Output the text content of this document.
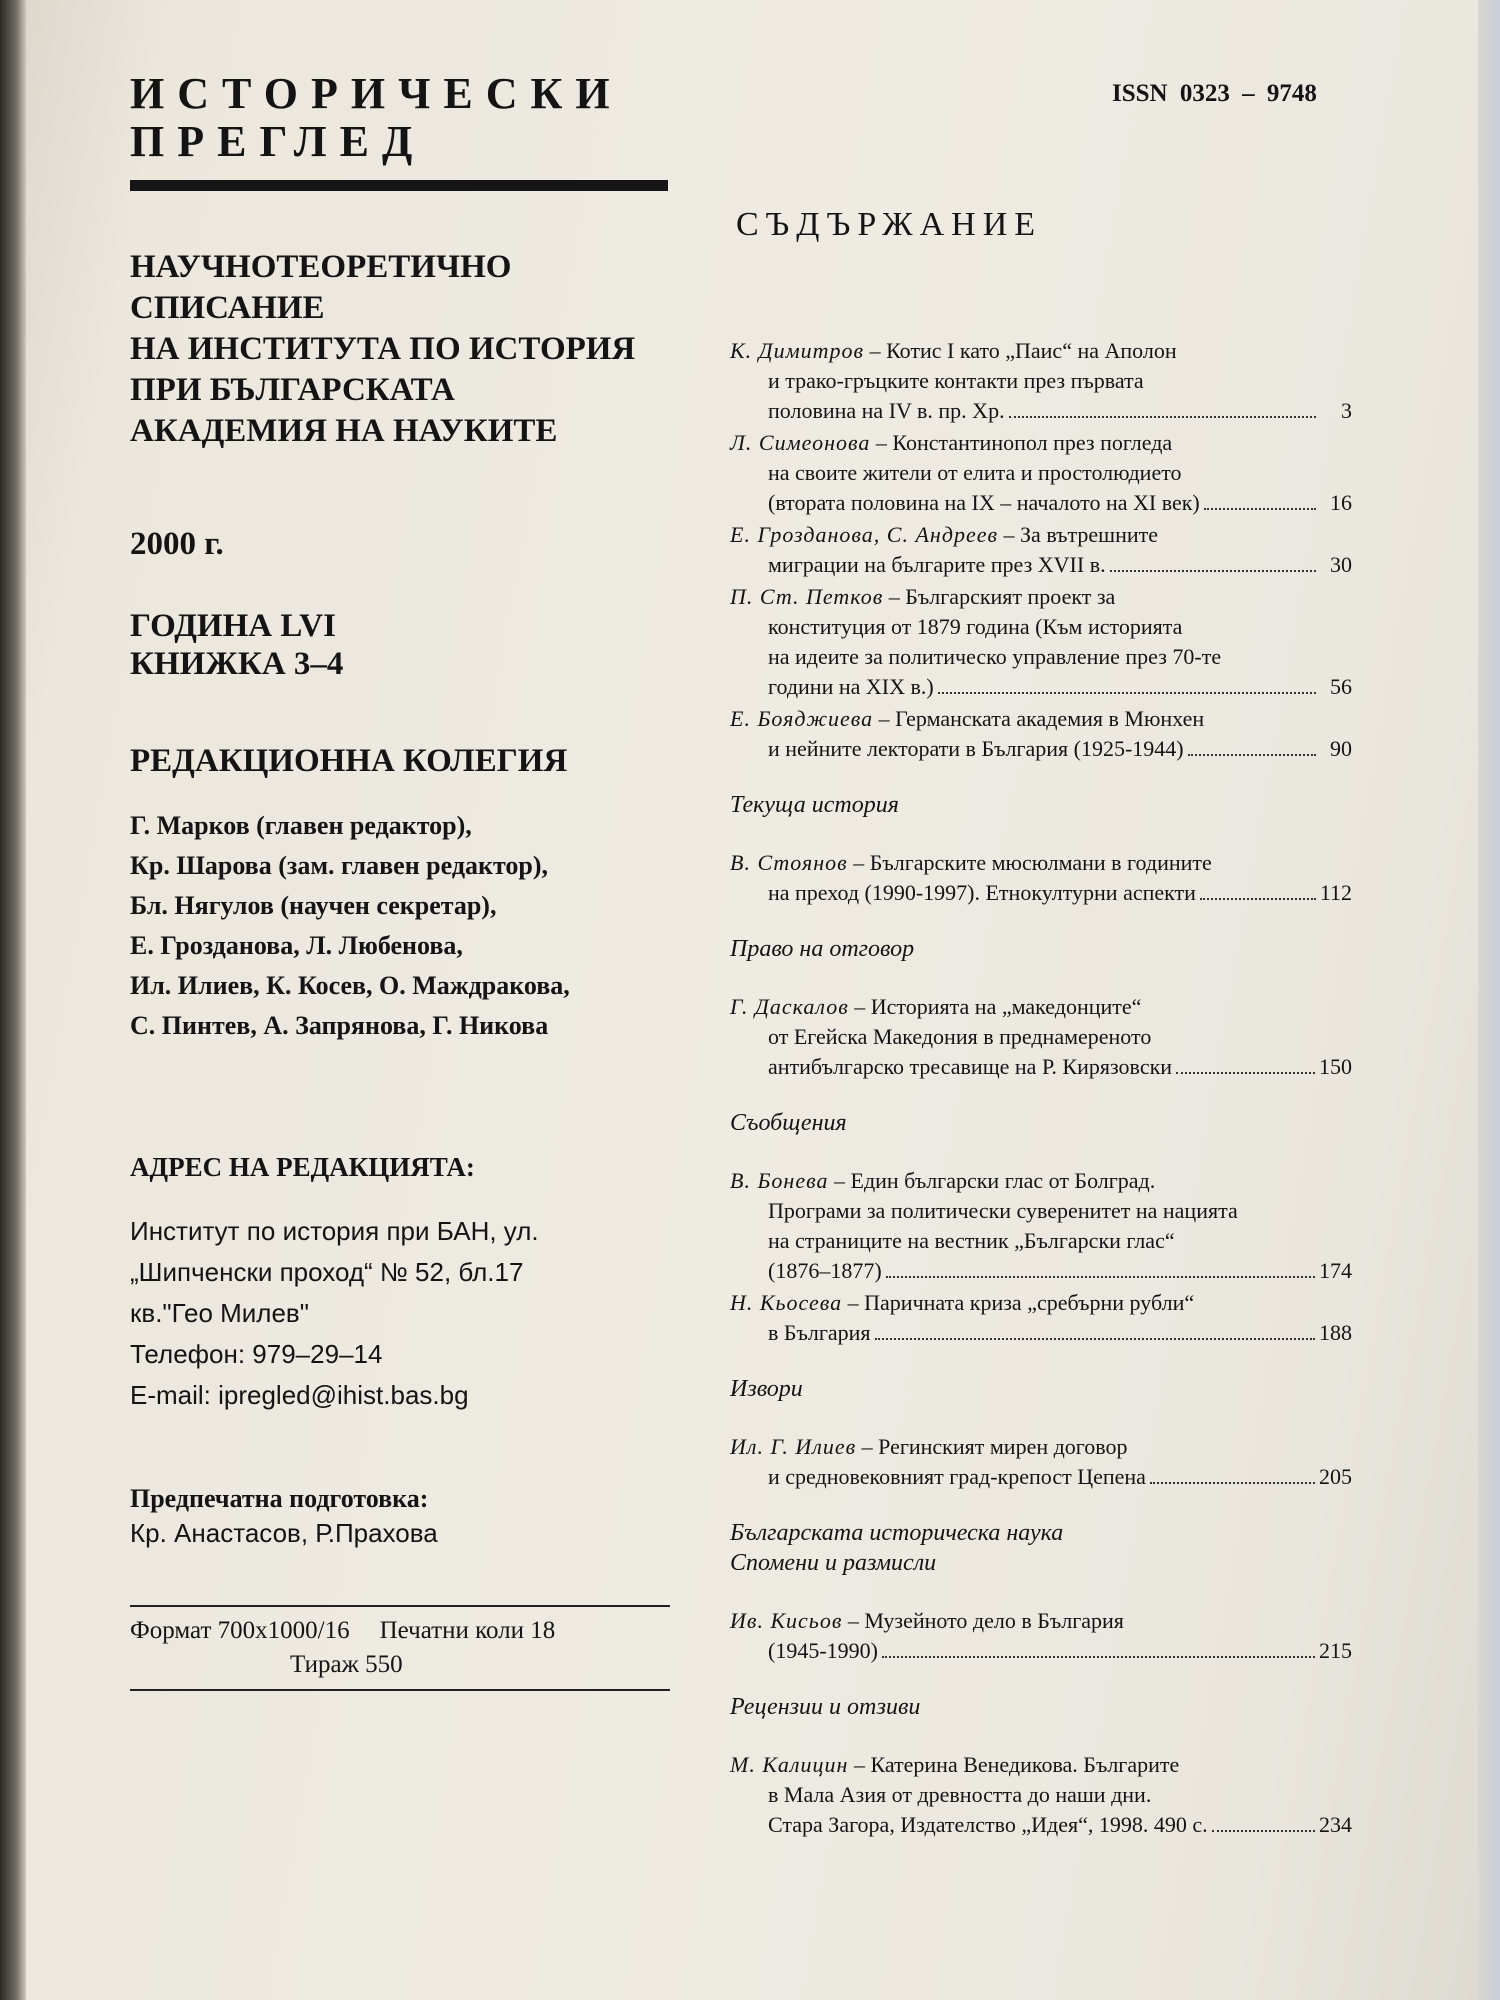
ИСТОРИЧЕСКИ
ПРЕГЛЕД
НАУЧНОТЕОРЕТИЧНО
СПИСАНИЕ
НА ИНСТИТУТА ПО ИСТОРИЯ
ПРИ БЪЛГАРСКАТА
АКАДЕМИЯ НА НАУКИТЕ
2000 г.
ГОДИНА LVI
КНИЖКА 3–4
РЕДАКЦИОННА КОЛЕГИЯ
Г. Марков (главен редактор),
Кр. Шарова (зам. главен редактор),
Бл. Нягулов (научен секретар),
Е. Грозданова, Л. Любенова,
Ил. Илиев, К. Косев, О. Маждракова,
С. Пинтев, А. Запрянова, Г. Никова
АДРЕС НА РЕДАКЦИЯТА:
Институт по история при БАН, ул.
„Шипченски проход“ № 52, бл.17
кв."Гео Милев"
Телефон: 979–29–14
E-mail: ipregled@ihist.bas.bg
Предпечатна подготовка:
Кр. Анастасов, Р.Прахова
Формат 700x1000/16 Печатни коли 18
Тираж 550
ISSN 0323 – 9748
СЪДЪРЖАНИЕ
К. Димитров – Котис I като „Паис“ на Аполон
и трако-гръцките контакти през първата
половина на IV в. пр. Хр.	3
Л. Симеонова – Константинопол през погледа
на своите жители от елита и простолюдието
(втората половина на IX – началото на XI век)	16
Е. Грозданова, С. Андреев – За вътрешните
миграции на българите през XVII в.	30
П. Ст. Петков – Българският проект за
конституция от 1879 година (Към историята
на идеите за политическо управление през 70-те
години на XIX в.)	56
Е. Бояджиева – Германската академия в Мюнхен
и нейните лекторати в България (1925-1944)	90
Текуща история
В. Стоянов – Българските мюсюлмани в годините
на преход (1990-1997). Етнокултурни аспекти	112
Право на отговор
Г. Даскалов – Историята на „македонците“
от Егейска Македония в преднамереното
антибългарско тресавище на Р. Кирязовски	150
Съобщения
В. Бонева – Един български глас от Болград.
Програми за политически суверенитет на нацията
на страниците на вестник „Български глас“
(1876–1877)	174
Н. Кьосева – Паричната криза „сребърни рубли“
в България	188
Извори
Ил. Г. Илиев – Регинският мирен договор
и средновековният град-крепост Цепена	205
Българската историческа наука
Спомени и размисли
Ив. Кисьов – Музейното дело в България
(1945-1990)	215
Рецензии и отзиви
М. Калицин – Катерина Венедикова. Българите
в Мала Азия от древността до наши дни.
Стара Загора, Издателство „Идея“, 1998. 490 с.	234
